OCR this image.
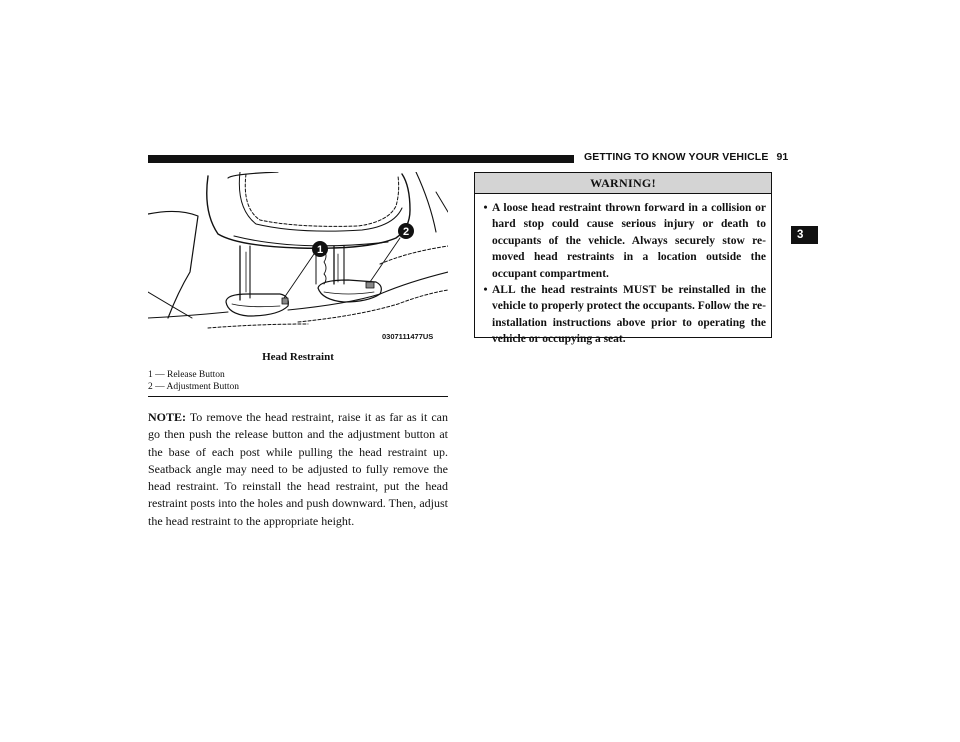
GETTING TO KNOW YOUR VEHICLE 91
3
1
2
0307111477US
Head Restraint
1 — Release Button
2 — Adjustment Button
NOTE: To remove the head restraint, raise it as far as it can go then push the release button and the adjustment button at the base of each post while pulling the head restraint up. Seatback angle may need to be adjusted to fully remove the head restraint. To reinstall the head restraint, put the head restraint posts into the holes and push downward. Then, adjust the head restraint to the appropriate height.
WARNING!
• A loose head restraint thrown forward in a collision or hard stop could cause serious injury or death to occupants of the vehicle. Always securely stow re-moved head restraints in a location outside the occupant compartment.
• ALL the head restraints MUST be reinstalled in the vehicle to properly protect the occupants. Follow the re-installation instructions above prior to operating the vehicle or occupying a seat.
